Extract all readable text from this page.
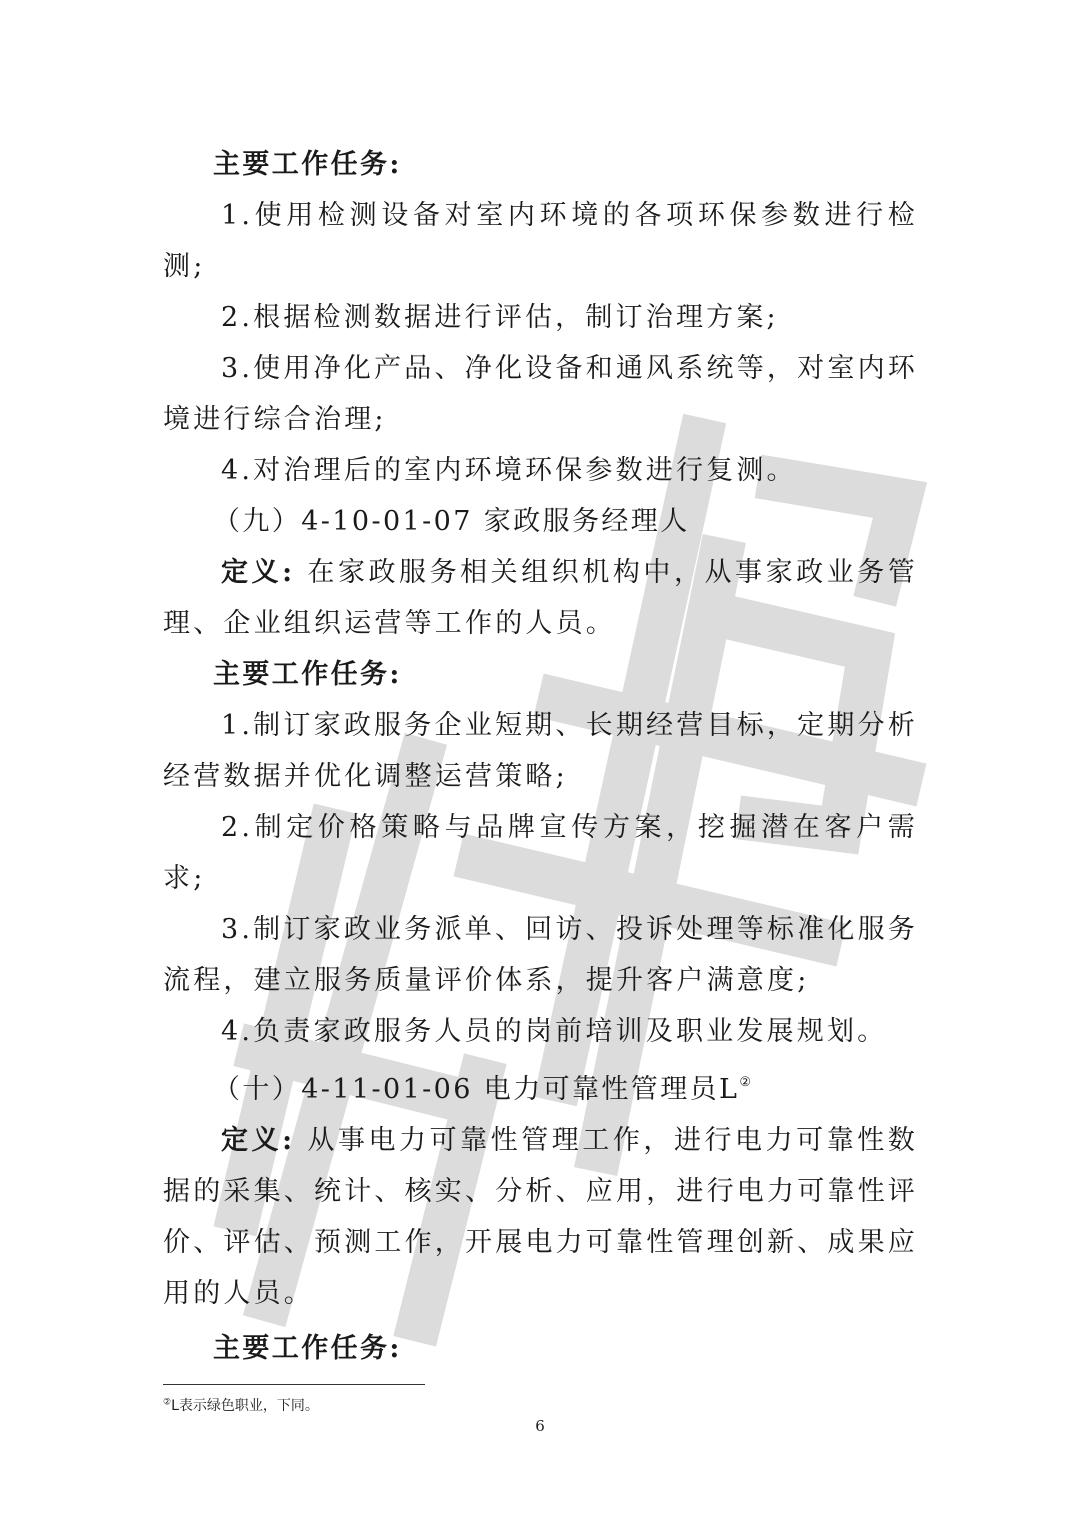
主要工作任务:

1.使用检测设备对室内环境的各项环保参数进行检测;

2.根据检测数据进行评估，制订治理方案;

3.使用净化产品、净化设备和通风系统等，对室内环境进行综合治理;

4.对治理后的室内环境环保参数进行复测。

（九）4-10-01-07 家政服务经理人

定义: 在家政服务相关组织机构中，从事家政业务管理、企业组织运营等工作的人员。

主要工作任务:

1.制订家政服务企业短期、长期经营目标，定期分析经营数据并优化调整运营策略;

2.制定价格策略与品牌宣传方案，挖掘潜在客户需求;

3.制订家政业务派单、回访、投诉处理等标准化服务流程，建立服务质量评价体系，提升客户满意度;

4.负责家政服务人员的岗前培训及职业发展规划。

（十）4-11-01-06 电力可靠性管理员L②

定义: 从事电力可靠性管理工作，进行电力可靠性数据的采集、统计、核实、分析、应用，进行电力可靠性评价、评估、预测工作，开展电力可靠性管理创新、成果应用的人员。

主要工作任务:

②L表示绿色职业，下同。
6
